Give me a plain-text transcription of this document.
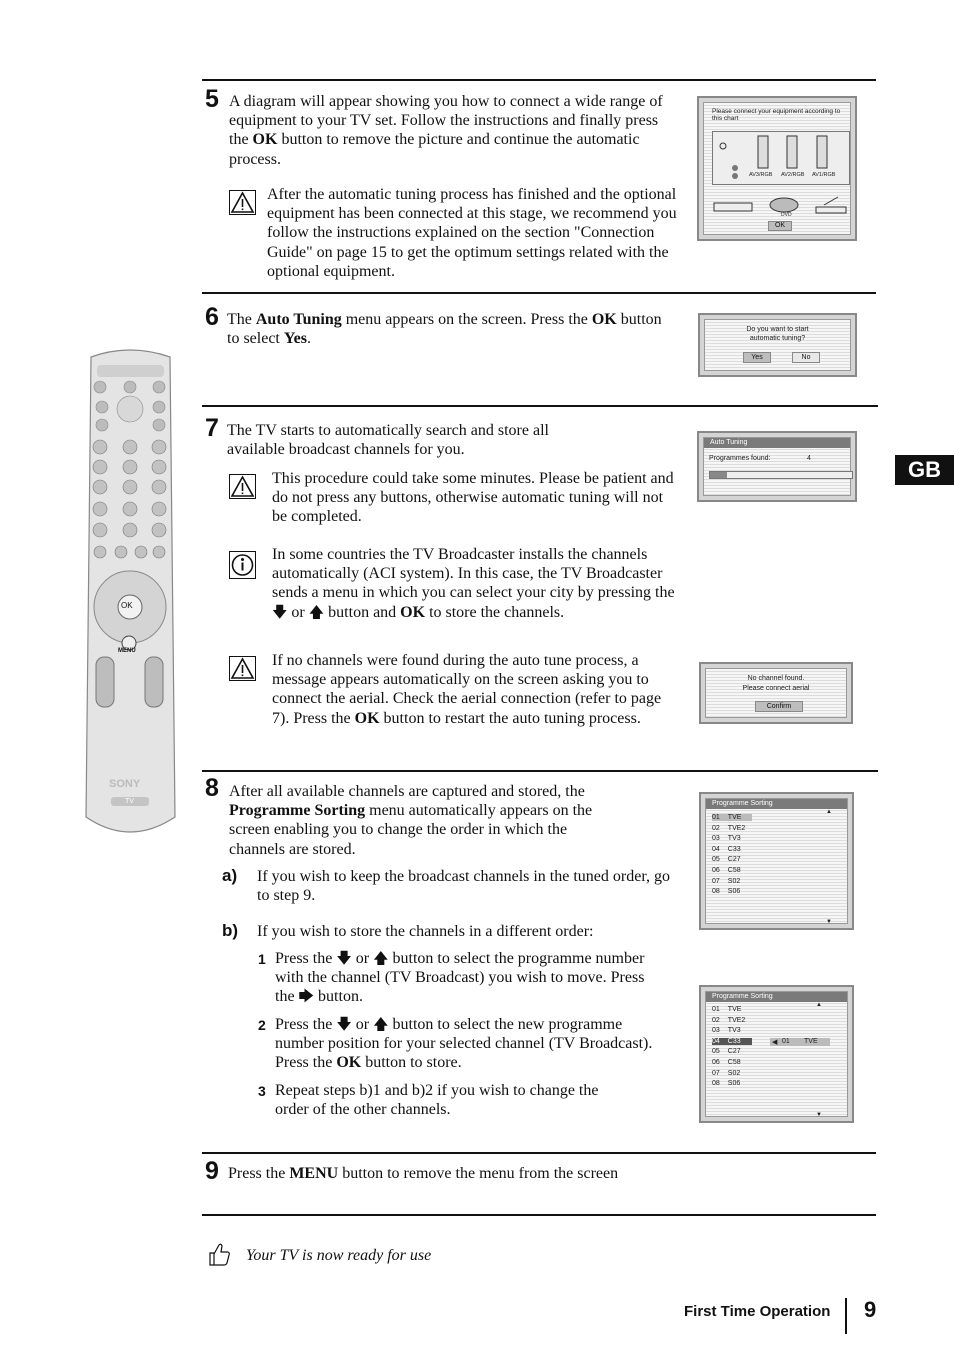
OK
MENU
SONY
TV
GB
5 A diagram will appear showing you how to connect a wide range of equipment to your TV set. Follow the instructions and finally press the OK button to remove the picture and continue the automatic process.
After the automatic tuning process has finished and the optional equipment has been connected at this stage, we recommend you follow the instructions explained on the section "Connection Guide" on page 15 to get the optimum settings related with the optional equipment.
Please connect your equipment according to this chart
AV3/RGB AV2/RGB AV1/RGB
DVD
OK
6 The Auto Tuning menu appears on the screen. Press the OK button to select Yes.
Do you want to start
automatic tuning?
Yes	No
7 The TV starts to automatically search and store all available broadcast channels for you.
This procedure could take some minutes. Please be patient and do not press any buttons, otherwise automatic tuning will not be completed.
In some countries the TV Broadcaster installs the channels automatically (ACI system). In this case, the TV Broadcaster sends a menu in which you can select your city by pressing the 🡇 or 🡅 button and OK to store the channels.
If no channels were found during the auto tune process, a message appears automatically on the screen asking you to connect the aerial. Check the aerial connection (refer to page 7). Press the OK button to restart the auto tuning process.
Auto Tuning
Programmes found:	4
No channel found.
Please connect aerial
Confirm
8 After all available channels are captured and stored, the Programme Sorting menu automatically appears on the screen enabling you to change the order in which the channels are stored.
a) If you wish to keep the broadcast channels in the tuned order, go to step 9.
b) If you wish to store the channels in a different order:
1 Press the 🡇 or 🡅 button to select the programme number with the channel (TV Broadcast) you wish to move. Press the 🡆 button.
2 Press the 🡇 or 🡅 button to select the new programme number position for your selected channel (TV Broadcast). Press the OK button to store.
3 Repeat steps b)1 and b)2 if you wish to change the order of the other channels.
Programme Sorting
▲
01 TVE
02 TVE2
03 TV3
04 C33
05 C27
06 C58
07 S02
08 S06
▼
Programme Sorting
▲
01 TVE
02 TVE2
03 TV3
04 C33
05 C27
06 C58
07 S02
08 S06
◀ 01 TVE
▼
9 Press the MENU button to remove the menu from the screen
Your TV is now ready for use
First Time Operation 9
